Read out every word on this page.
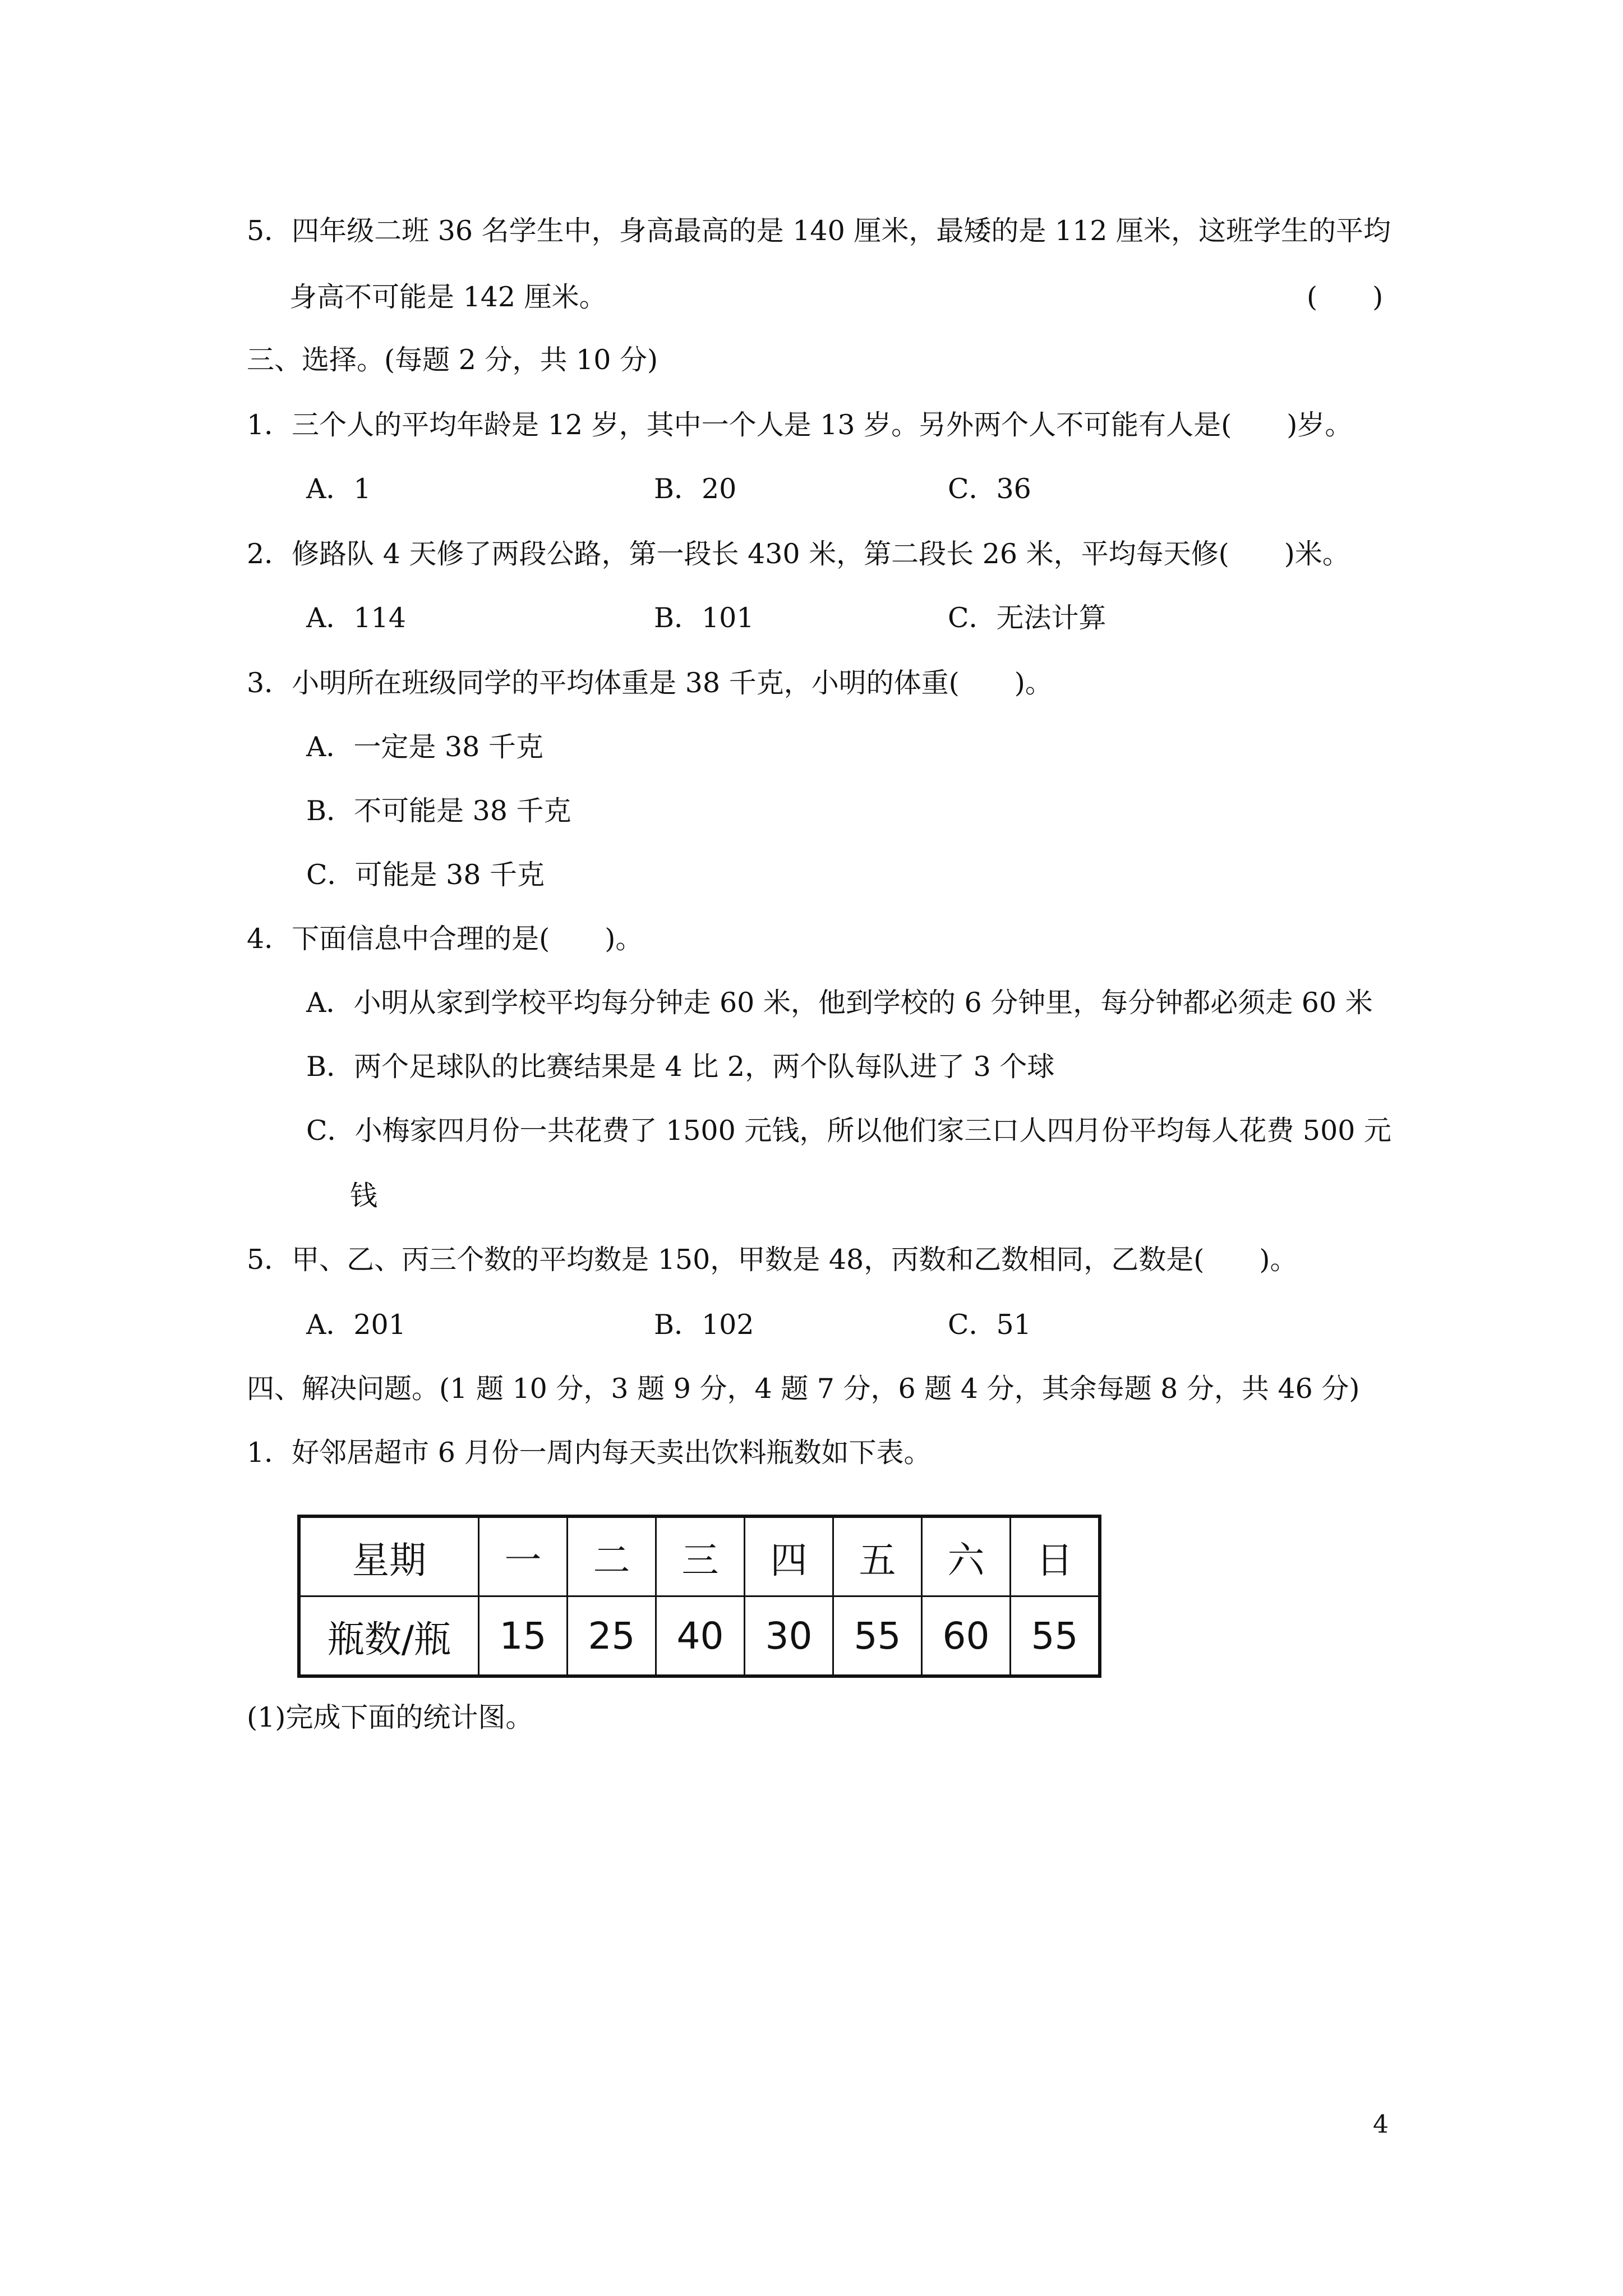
5．四年级二班 36 名学生中，身高最高的是 140 厘米，最矮的是 112 厘米，这班学生的平均
身高不可能是 142 厘米。	(　　)
三、选择。(每题 2 分，共 10 分)
1．三个人的平均年龄是 12 岁，其中一个人是 13 岁。另外两个人不可能有人是(　　)岁。
A．1	B．20	C．36
2．修路队 4 天修了两段公路，第一段长 430 米，第二段长 26 米，平均每天修(　　)米。
A．114	B．101	C．无法计算
3．小明所在班级同学的平均体重是 38 千克，小明的体重(　　)。
A．一定是 38 千克
B．不可能是 38 千克
C．可能是 38 千克
4．下面信息中合理的是(　　)。
A．小明从家到学校平均每分钟走 60 米，他到学校的 6 分钟里，每分钟都必须走 60 米
B．两个足球队的比赛结果是 4 比 2，两个队每队进了 3 个球
C．小梅家四月份一共花费了 1500 元钱，所以他们家三口人四月份平均每人花费 500 元
钱
5．甲、乙、丙三个数的平均数是 150，甲数是 48，丙数和乙数相同，乙数是(　　)。
A．201	B．102	C．51
四、解决问题。(1 题 10 分，3 题 9 分，4 题 7 分，6 题 4 分，其余每题 8 分，共 46 分)
1．好邻居超市 6 月份一周内每天卖出饮料瓶数如下表。
星期	一	二	三	四	五	六	日
瓶数/瓶	15	25	40	30	55	60	55
(1)完成下面的统计图。
4
